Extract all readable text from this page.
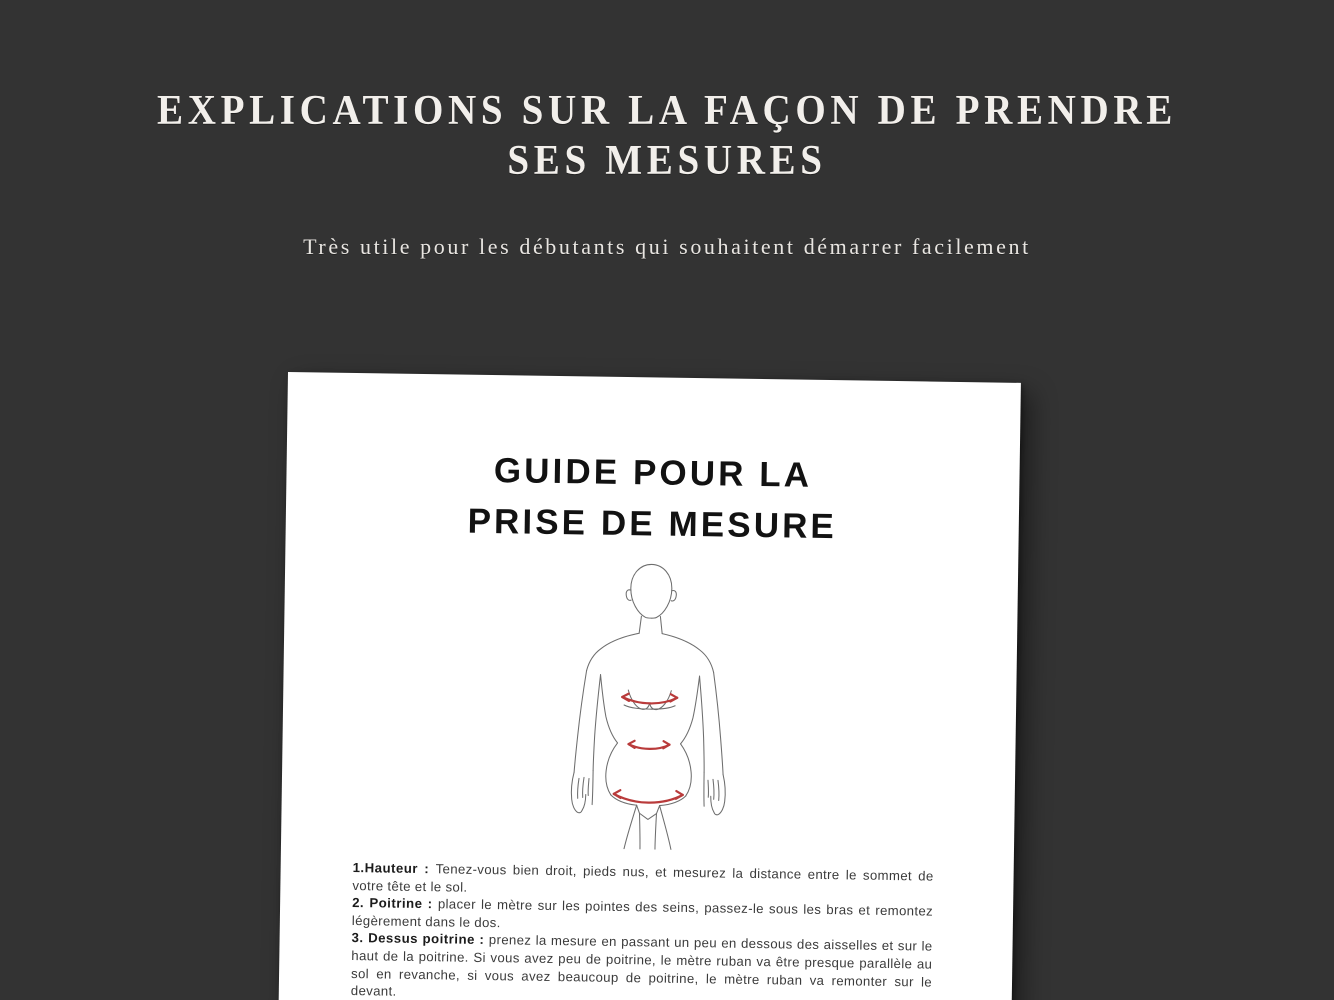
EXPLICATIONS SUR LA FAÇON DE PRENDRE SES MESURES

Très utile pour les débutants qui souhaitent démarrer facilement

GUIDE POUR LA
PRISE DE MESURE

1.Hauteur : Tenez-vous bien droit, pieds nus, et mesurez la distance entre le sommet de votre tête et le sol.

2. Poitrine : placer le mètre sur les pointes des seins, passez-le sous les bras et remontez légèrement dans le dos.

3. Dessus poitrine : prenez la mesure en passant un peu en dessous des aisselles et sur le haut de la poitrine. Si vous avez peu de poitrine, le mètre ruban va être presque parallèle au sol en revanche, si vous avez beaucoup de poitrine, le mètre ruban va remonter sur le devant.
